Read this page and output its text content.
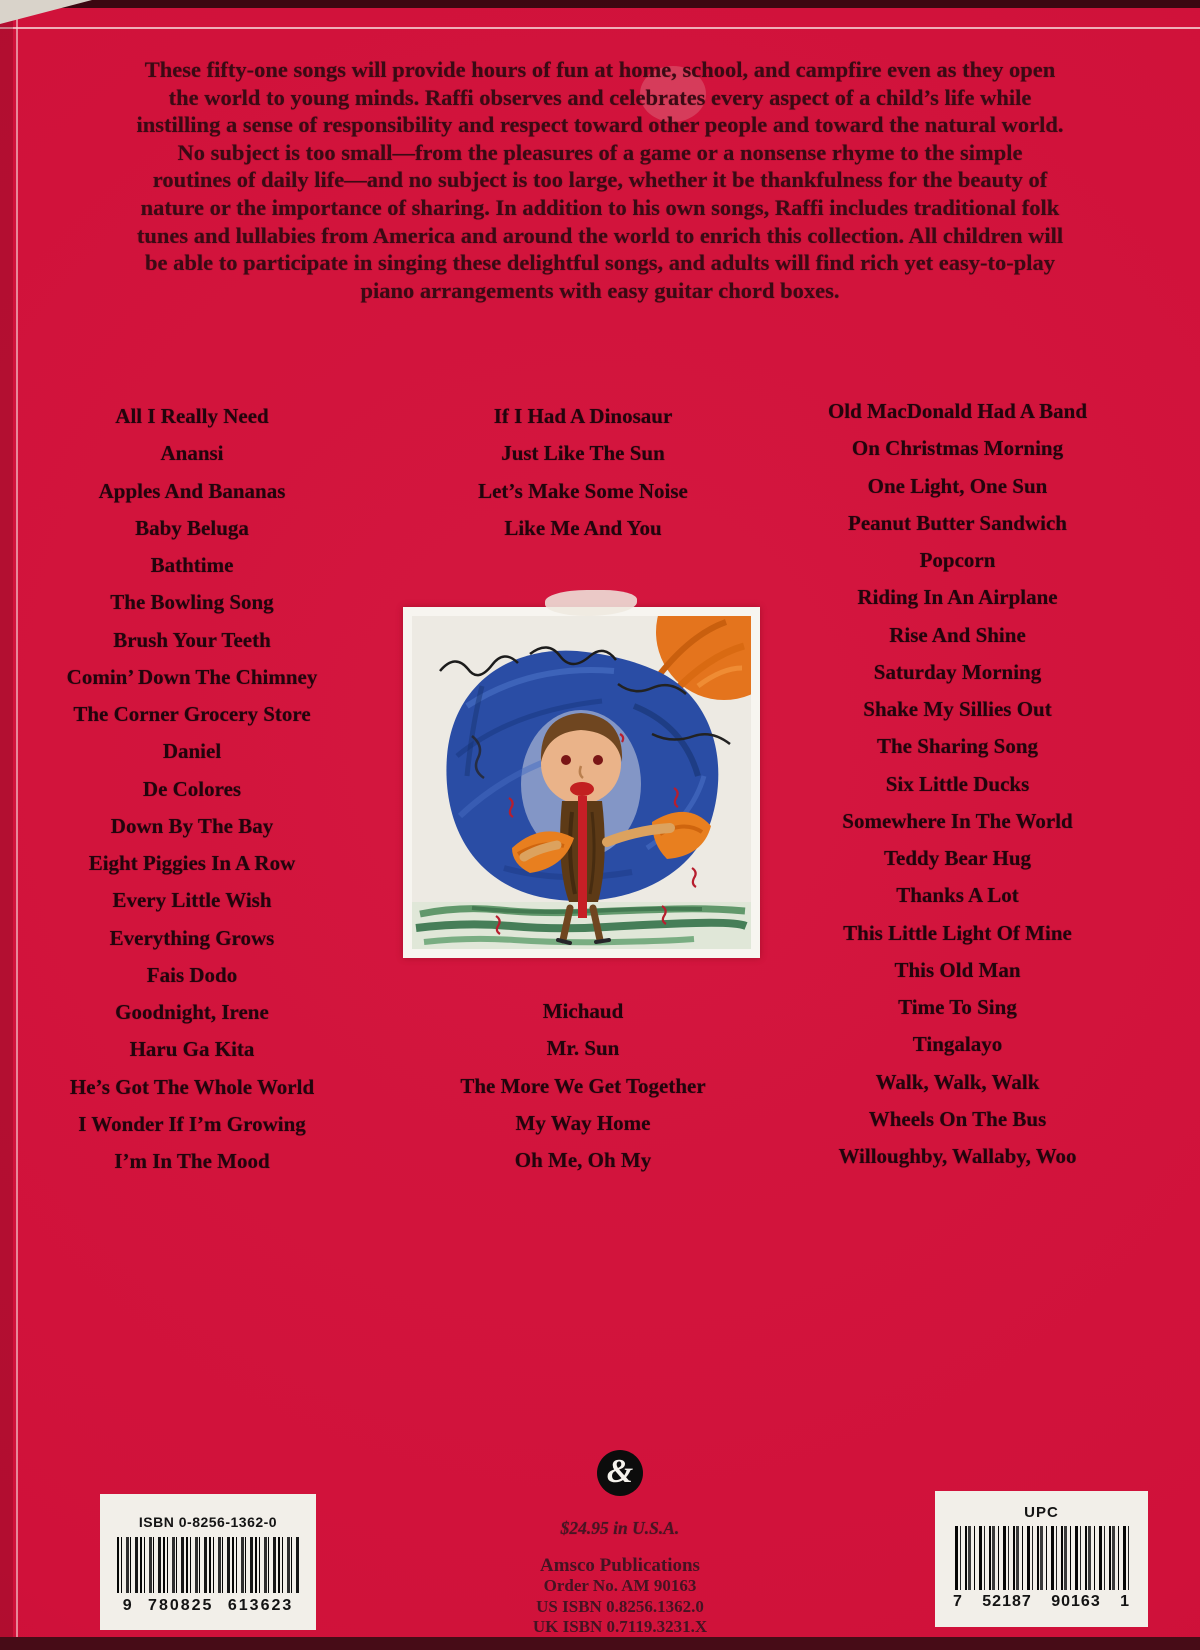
These fifty-one songs will provide hours of fun at home, school, and campfire even as they open
the world to young minds. Raffi observes and celebrates every aspect of a child’s life while
instilling a sense of responsibility and respect toward other people and toward the natural world.
No subject is too small—from the pleasures of a game or a nonsense rhyme to the simple
routines of daily life—and no subject is too large, whether it be thankfulness for the beauty of
nature or the importance of sharing. In addition to his own songs, Raffi includes traditional folk
tunes and lullabies from America and around the world to enrich this collection. All children will
be able to participate in singing these delightful songs, and adults will find rich yet easy-to-play
piano arrangements with easy guitar chord boxes.
All I Really Need
Anansi
Apples And Bananas
Baby Beluga
Bathtime
The Bowling Song
Brush Your Teeth
Comin’ Down The Chimney
The Corner Grocery Store
Daniel
De Colores
Down By The Bay
Eight Piggies In A Row
Every Little Wish
Everything Grows
Fais Dodo
Goodnight, Irene
Haru Ga Kita
He’s Got The Whole World
I Wonder If I’m Growing
I’m In The Mood
If I Had A Dinosaur
Just Like The Sun
Let’s Make Some Noise
Like Me And You
Michaud
Mr. Sun
The More We Get Together
My Way Home
Oh Me, Oh My
Old MacDonald Had A Band
On Christmas Morning
One Light, One Sun
Peanut Butter Sandwich
Popcorn
Riding In An Airplane
Rise And Shine
Saturday Morning
Shake My Sillies Out
The Sharing Song
Six Little Ducks
Somewhere In The World
Teddy Bear Hug
Thanks A Lot
This Little Light Of Mine
This Old Man
Time To Sing
Tingalayo
Walk, Walk, Walk
Wheels On The Bus
Willoughby, Wallaby, Woo
ISBN 0-8256-1362-0
9 780825 613623
&
$24.95 in U.S.A.
Amsco Publications
Order No. AM 90163
US ISBN 0.8256.1362.0
UK ISBN 0.7119.3231.X
UPC
7 52187 90163 1
